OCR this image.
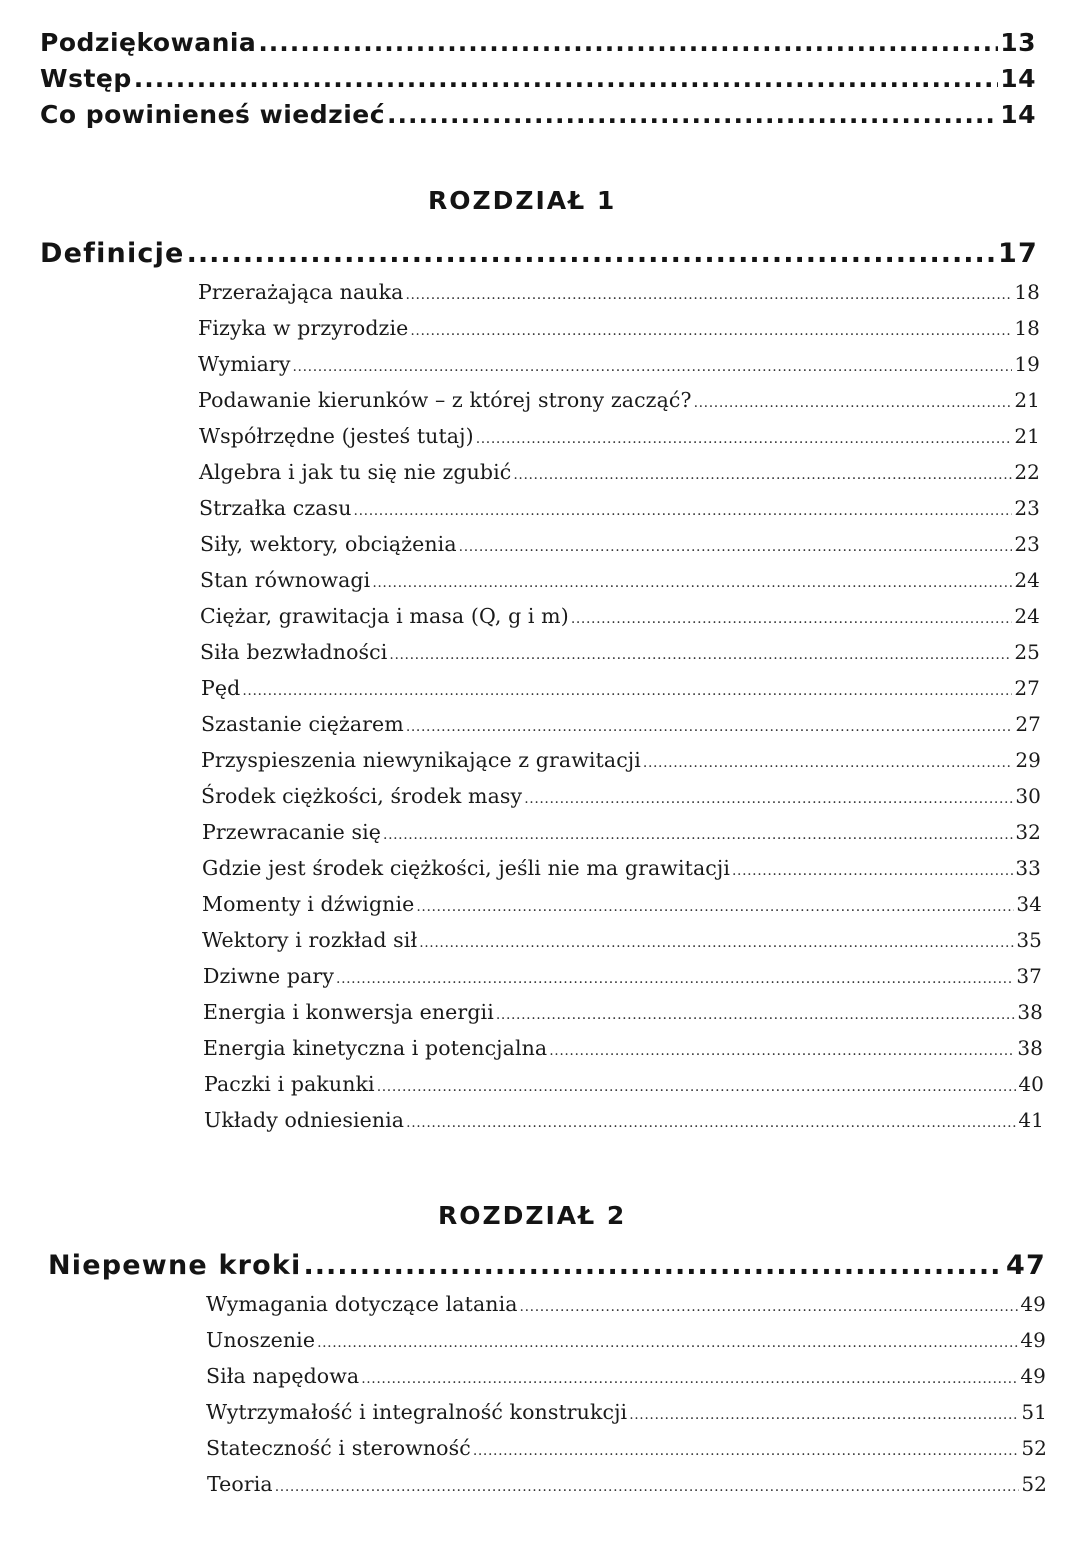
Podziękowania .....	13
Wstęp .....	14
Co powinieneś wiedzieć .....	14
ROZDZIAŁ 1
Definicje .....	17
Przerażająca nauka .....	18
Fizyka w przyrodzie .....	18
Wymiary .....	19
Podawanie kierunków – z której strony zacząć? .....	21
Współrzędne (jesteś tutaj) .....	21
Algebra i jak tu się nie zgubić .....	22
Strzałka czasu .....	23
Siły, wektory, obciążenia .....	23
Stan równowagi .....	24
Ciężar, grawitacja i masa (Q, g i m) .....	24
Siła bezwładności .....	25
Pęd .....	27
Szastanie ciężarem .....	27
Przyspieszenia niewynikające z grawitacji .....	29
Środek ciężkości, środek masy .....	30
Przewracanie się .....	32
Gdzie jest środek ciężkości, jeśli nie ma grawitacji .....	33
Momenty i dźwignie .....	34
Wektory i rozkład sił .....	35
Dziwne pary .....	37
Energia i konwersja energii .....	38
Energia kinetyczna i potencjalna .....	38
Paczki i pakunki .....	40
Układy odniesienia .....	41
ROZDZIAŁ 2
Niepewne kroki .....	47
Wymagania dotyczące latania .....	49
Unoszenie .....	49
Siła napędowa .....	49
Wytrzymałość i integralność konstrukcji .....	51
Stateczność i sterowność .....	52
Teoria .....	52
